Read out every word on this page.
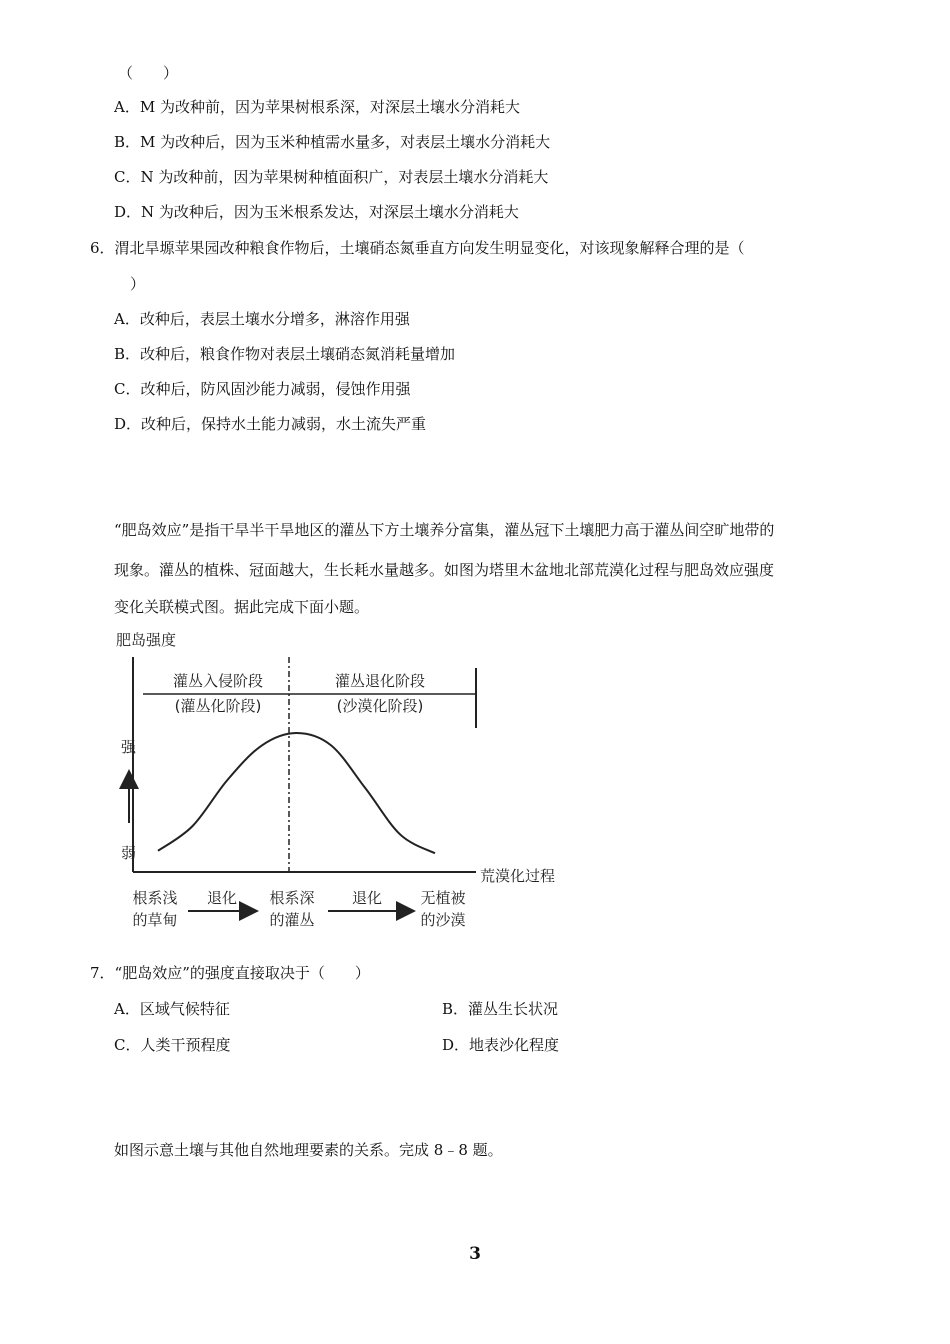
（　　）
A．M 为改种前，因为苹果树根系深，对深层土壤水分消耗大
B．M 为改种后，因为玉米种植需水量多，对表层土壤水分消耗大
C．N 为改种前，因为苹果树种植面积广，对表层土壤水分消耗大
D．N 为改种后，因为玉米根系发达，对深层土壤水分消耗大
6．渭北旱塬苹果园改种粮食作物后，土壤硝态氮垂直方向发生明显变化，对该现象解释合理的是（
）
A．改种后，表层土壤水分增多，淋溶作用强
B．改种后，粮食作物对表层土壤硝态氮消耗量增加
C．改种后，防风固沙能力减弱，侵蚀作用强
D．改种后，保持水土能力减弱，水土流失严重
“肥岛效应”是指干旱半干旱地区的灌丛下方土壤养分富集，灌丛冠下土壤肥力高于灌丛间空旷地带的
现象。灌丛的植株、冠面越大，生长耗水量越多。如图为塔里木盆地北部荒漠化过程与肥岛效应强度
变化关联模式图。据此完成下面小题。
肥岛强度
灌丛入侵阶段
(灌丛化阶段)
灌丛退化阶段
(沙漠化阶段)
强
弱
荒漠化过程
根系浅
的草甸
退化 根系深
的灌丛
退化	无植被
的沙漠
7．“肥岛效应”的强度直接取决于（　　）
A．区域气候特征	B．灌丛生长状况
C．人类干预程度	D．地表沙化程度
如图示意土壤与其他自然地理要素的关系。完成 8﹣8 题。
3
